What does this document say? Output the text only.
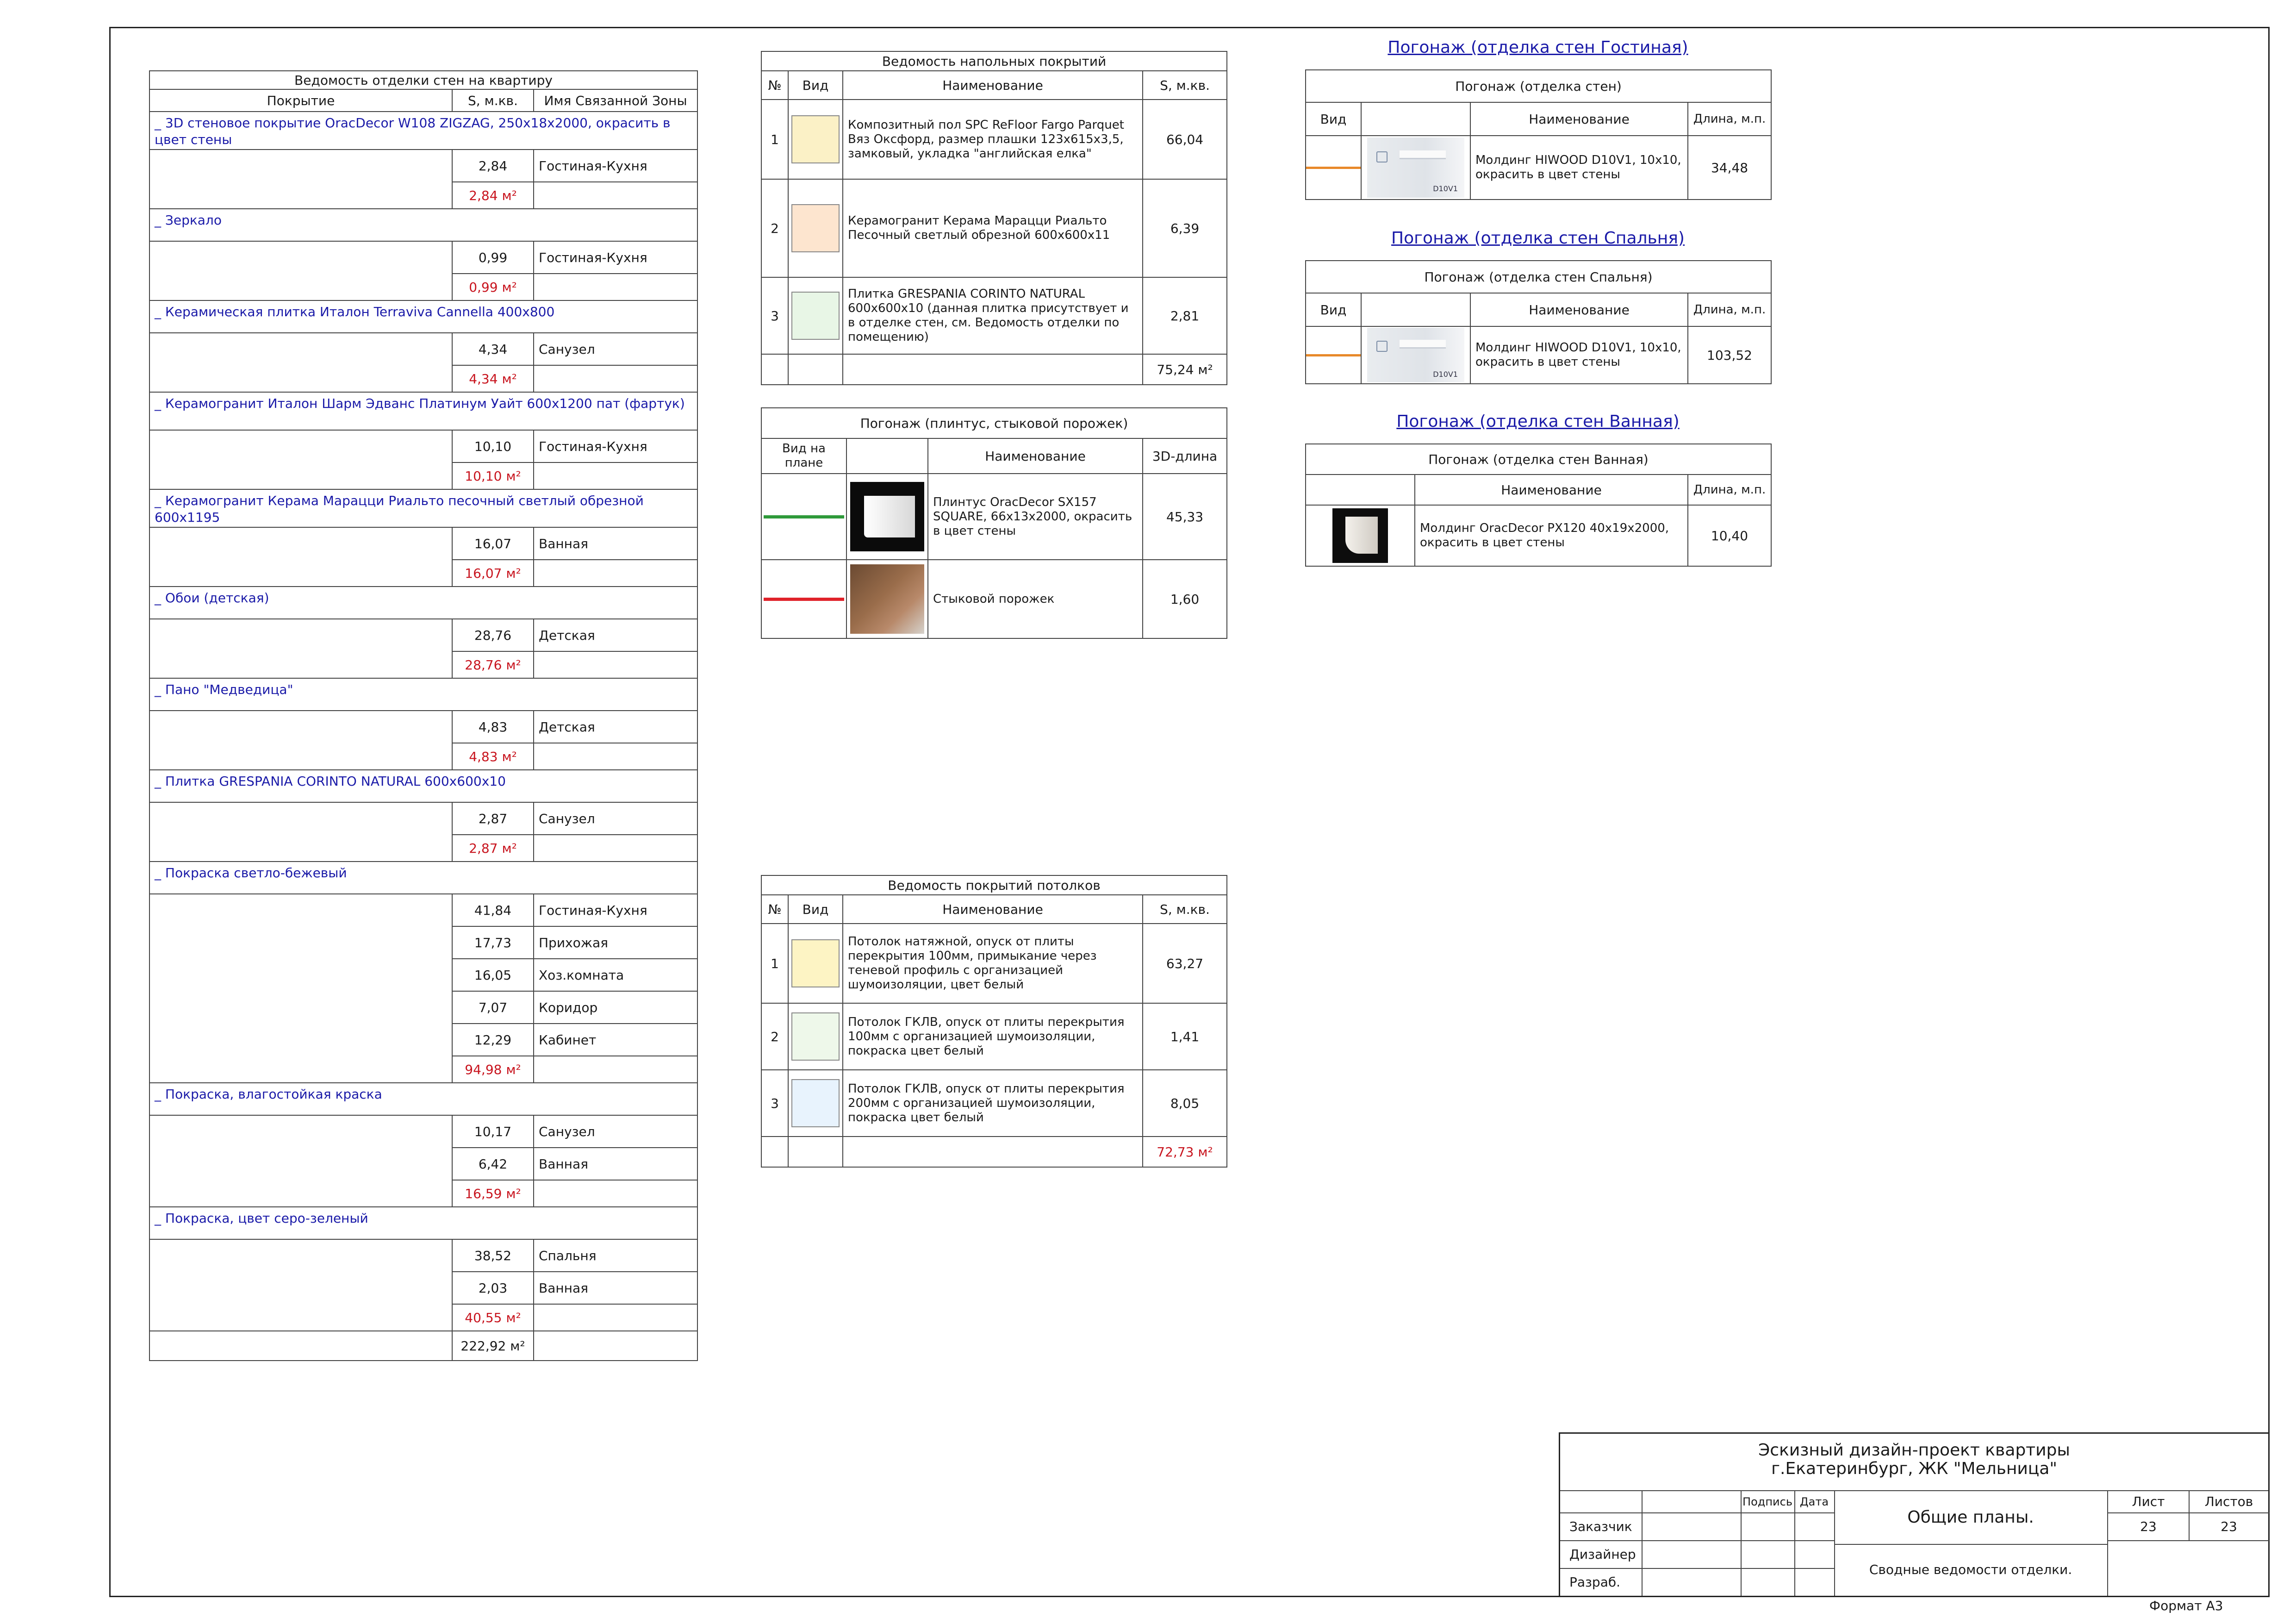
Ведомость отделки стен на квартиру		
Покрытие	S, м.кв.	Имя Связанной Зоны
_ 3D стеновое покрытие OracDecor W108 ZIGZAG, 250х18х2000, окрасить в цвет стены		
	2,84	Гостиная-Кухня
	2,84 м²	
_ Зеркало		
	0,99	Гостиная-Кухня
	0,99 м²	
_ Керамическая плитка Италон Terraviva Cannella 400х800		
	4,34	Санузел
	4,34 м²	
_ Керамогранит Италон Шарм Эдванс Платинум Уайт 600х1200 пат (фартук)		
	10,10	Гостиная-Кухня
	10,10 м²	
_ Керамогранит Керама Марацци Риальто песочный светлый обрезной 600х1195		
	16,07	Ванная
	16,07 м²	
_ Обои (детская)		
	28,76	Детская
	28,76 м²	
_ Пано "Медведица"		
	4,83	Детская
	4,83 м²	
_ Плитка GRESPANIA CORINTO NATURAL 600х600х10		
	2,87	Санузел
	2,87 м²	
_ Покраска светло-бежевый		
	41,84	Гостиная-Кухня
	17,73	Прихожая
	16,05	Хоз.комната
	7,07	Коридор
	12,29	Кабинет
	94,98 м²	
_ Покраска, влагостойкая краска		
	10,17	Санузел
	6,42	Ванная
	16,59 м²	
_ Покраска, цвет серо-зеленый		
	38,52	Спальня
	2,03	Ванная
	40,55 м²	
	222,92 м²	
Ведомость напольных покрытий			
№	Вид	Наименование	S, м.кв.
1		Композитный пол SPC ReFloor Fargo Parquet Вяз Оксфорд, размер плашки 123х615х3,5, замковый, укладка "английская елка"	66,04
2		Керамогранит Керама Марацци Риальто Песочный светлый обрезной 600х600х11	6,39
3		Плитка GRESPANIA CORINTO NATURAL 600х600х10 (данная плитка присутствует и в отделке стен, см. Ведомость отделки по помещению)	2,81
			75,24 м²
Погонаж (плинтус, стыковой порожек)			
Вид на плане		Наименование	3D-длина

	Плинтус OracDecor SX157 SQUARE, 66х13х2000, окрасить в цвет стены	45,33

	Стыковой порожек	1,60
Ведомость покрытий потолков			
№	Вид	Наименование	S, м.кв.
1		Потолок натяжной, опуск от плиты перекрытия 100мм, примыкание через теневой профиль с организацией шумоизоляции, цвет белый	63,27
2		Потолок ГКЛВ, опуск от плиты перекрытия 100мм с организацией шумоизоляции, покраска цвет белый	1,41
3		Потолок ГКЛВ, опуск от плиты перекрытия 200мм с организацией шумоизоляции, покраска цвет белый	8,05
			72,73 м²
Погонаж (отделка стен Гостиная)
Погонаж (отделка стен)			
Вид		Наименование	Длина, м.п.

	D10V1	Молдинг HIWOOD D10V1, 10х10, окрасить в цвет стены	34,48
Погонаж (отделка стен Спальня)
Погонаж (отделка стен Спальня)			
Вид		Наименование	Длина, м.п.

	D10V1	Молдинг HIWOOD D10V1, 10х10, окрасить в цвет стены	103,52
Погонаж (отделка стен Ванная)
Погонаж (отделка стен Ванная)		
	Наименование	Длина, м.п.

	Молдинг OracDecor PX120 40х19х2000, окрасить в цвет стены	10,40
Эскизный дизайн-проект квартиры
г.Екатеринбург, ЖК "Мельница"
Подпись Дата
Заказчик
Дизайнер
Разраб.
Общие планы.
Сводные ведомости отделки.
Лист	Листов
23	23
Формат А3
